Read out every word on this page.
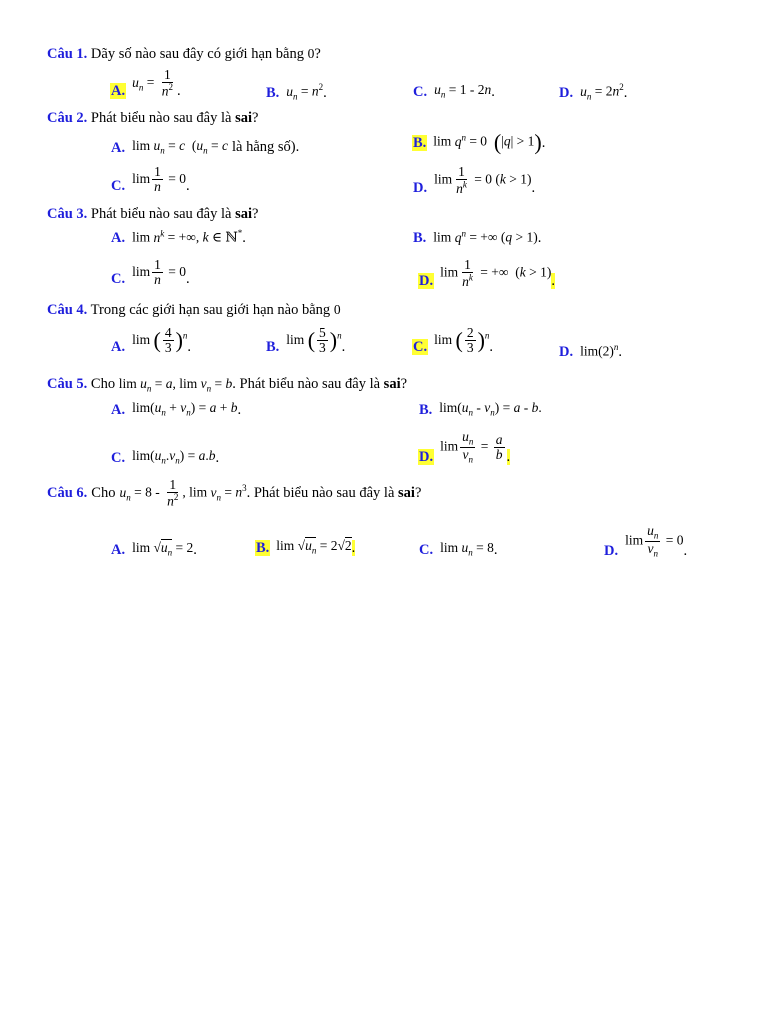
Câu 1. Dãy số nào sau đây có giới hạn bằng 0?
A.
$u_n = \frac{1}{n^2}$ .	B. $u_n = n^2$ .	C. $u_n = 1 - 2n$ .	D. $u_n = 2n^2$ .
Câu 2. Phát biểu nào sau đây là sai?
A. $\lim u_n = c$  ($u_n = c$ là hằng số).	B. $\lim q^n = 0$  (|q| > 1) .
C.
$\lim \frac{1}{n} = 0$
.	D.
$\lim \frac{1}{n^k} = 0$ (k > 1)
.
Câu 3. Phát biểu nào sau đây là sai?
A. $\lim n^k$ = +∞, k ∈ ℕ* .	B. $\lim q^n$ = +∞ (q > 1) .
C.
$\lim \frac{1}{n} = 0$
.	D.
$\lim \frac{1}{n^k}$ = +∞  (k > 1)
.
Câu 4. Trong các giới hạn sau giới hạn nào bằng 0
A.
lim ( $\frac{4}{3} )^n$
.	B.
lim ( $\frac{5}{3} )^n$
.	C.
lim ( $\frac{2}{3} )^n$
.	D. $\lim(2)^n$ .
Câu 5. Cho $\lim u_n = a$, $\lim v_n = b$. Phát biểu nào sau đây là sai?
A. $\lim(u_n + v_n) = a + b$ .	B. $\lim(u_n - v_n) = a - b$.
C. $\lim(u_n.v_n) = a.b$ .	D.
$\lim \frac{u_n}{v_n} = \frac{a}{b}$ .
Câu 6. Cho $u_n = 8 - \frac{1}{n^2}$ , $\lim v_n = n^3$ . Phát biểu nào sau đây là
sai ?
A. $\lim √u_n = 2$ .	B. $\lim √u_n = 2√2$ .	C. $\lim u_n = 8$ .	D.
$\lim \frac{u_n}{v_n} = 0$
.
